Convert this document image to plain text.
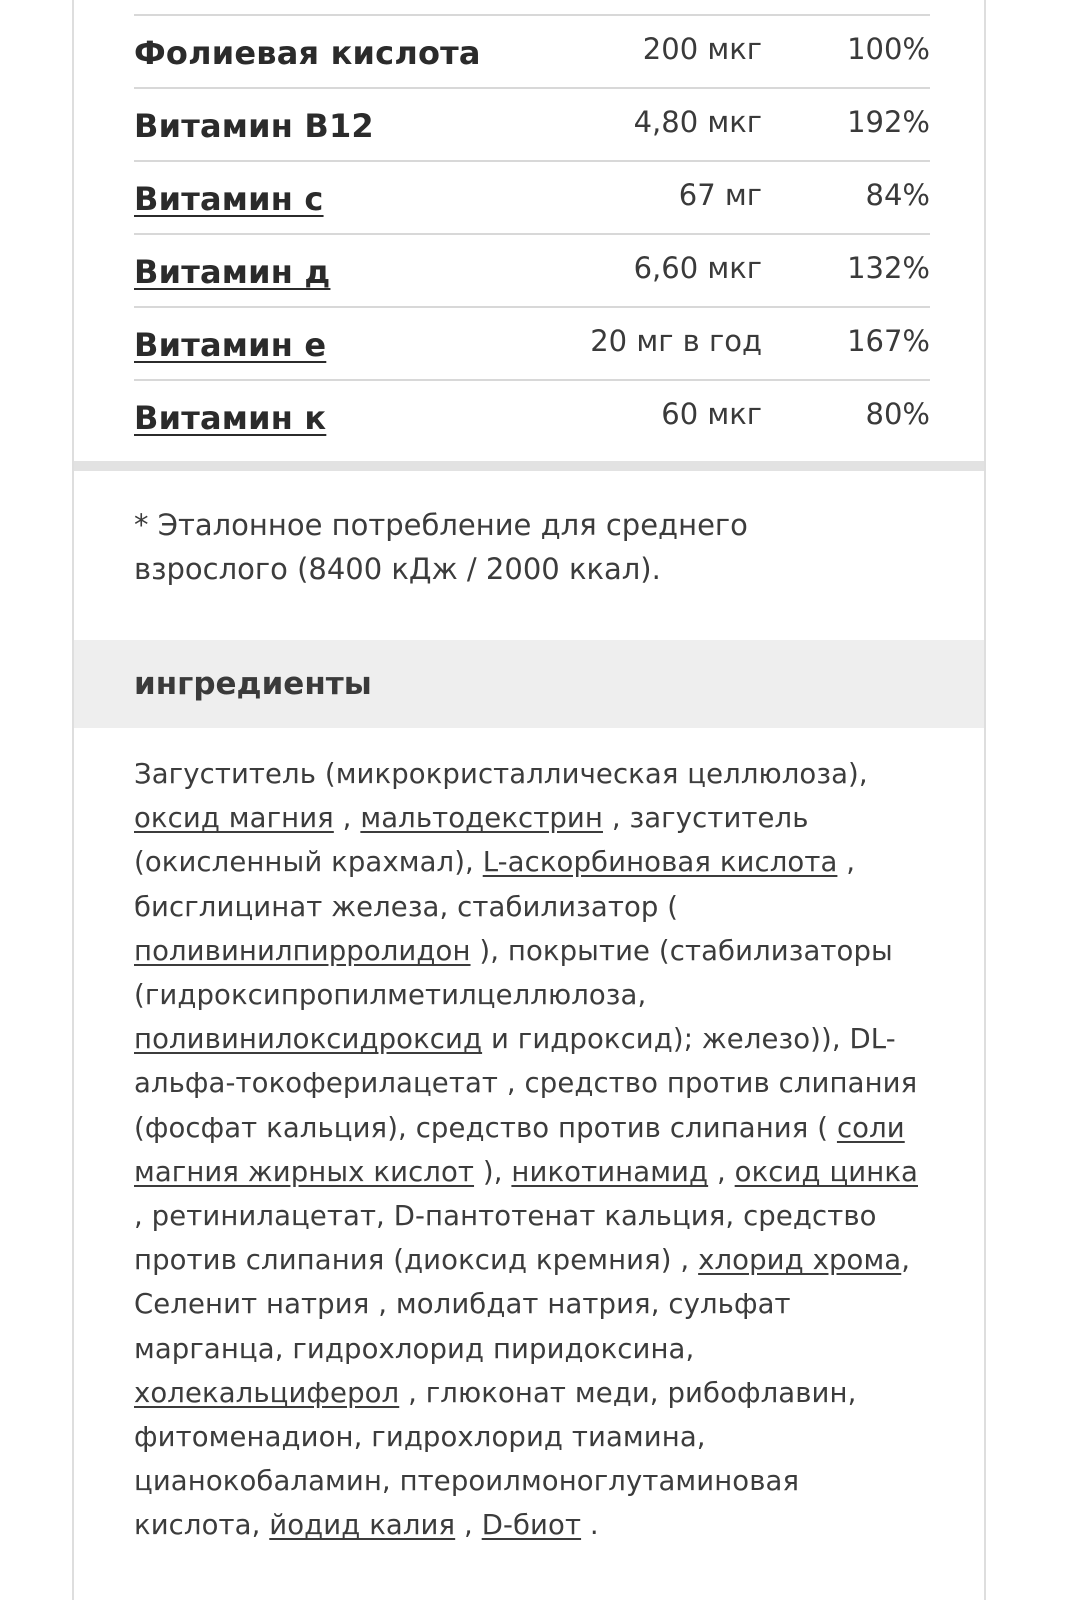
Фолиевая кислота	200 мкг	100%
Витамин В12	4,80 мкг	192%
Витамин с	67 мг	84%
Витамин д	6,60 мкг	132%
Витамин е	20 мг в год	167%
Витамин к	60 мкг	80%
* Эталонное потребление для среднего взрослого (8400 кДж / 2000 ккал).
ингредиенты
Загуститель (микрокристаллическая целлюлоза), оксид магния , мальтодекстрин , загуститель (окисленный крахмал), L-аскорбиновая кислота , бисглицинат железа, стабилизатор ( поливинилпирролидон ), покрытие (стабилизаторы (гидроксипропилметилцеллюлоза, поливинилоксидроксид и гидроксид); железо)), DL-альфа-токоферилацетат , средство против слипания (фосфат кальция), средство против слипания ( соли магния жирных кислот ), никотинамид , оксид цинка , ретинилацетат, D-пантотенат кальция, средство против слипания (диоксид кремния) , хлорид хрома, Селенит натрия , молибдат натрия, сульфат марганца, гидрохлорид пиридоксина, холекальциферол , глюконат меди, рибофлавин, фитоменадион, гидрохлорид тиамина, цианокобаламин, птероилмоноглутаминовая кислота, йодид калия , D-биот .
